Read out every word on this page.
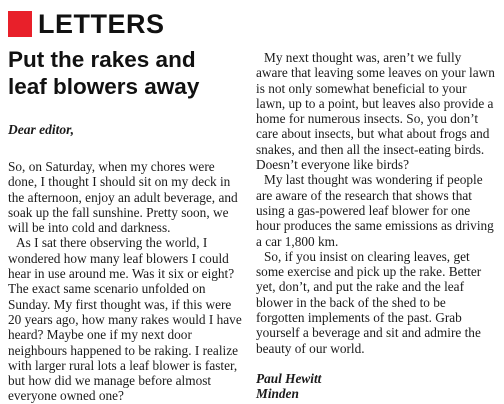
LETTERS
Put the rakes and
leaf blowers away
Dear editor,

So, on Saturday, when my chores were done, I thought I should sit on my deck in the afternoon, enjoy an adult beverage, and soak up the fall sunshine. Pretty soon, we will be into cold and darkness.

As I sat there observing the world, I wondered how many leaf blowers I could hear in use around me. Was it six or eight? The exact same scenario unfolded on Sunday. My first thought was, if this were 20 years ago, how many rakes would I have heard? Maybe one if my next door neighbours happened to be raking. I realize with larger rural lots a leaf blower is faster, but how did we manage before almost everyone owned one?

My next thought was, aren’t we fully aware that leaving some leaves on your lawn is not only somewhat beneficial to your lawn, up to a point, but leaves also provide a home for numerous insects. So, you don’t care about insects, but what about frogs and snakes, and then all the insect-eating birds. Doesn’t everyone like birds?

My last thought was wondering if people are aware of the research that shows that using a gas-powered leaf blower for one hour produces the same emissions as driving a car 1,800 km.

So, if you insist on clearing leaves, get some exercise and pick up the rake. Better yet, don’t, and put the rake and the leaf blower in the back of the shed to be forgotten implements of the past. Grab yourself a beverage and sit and admire the beauty of our world.

Paul Hewitt
Minden
